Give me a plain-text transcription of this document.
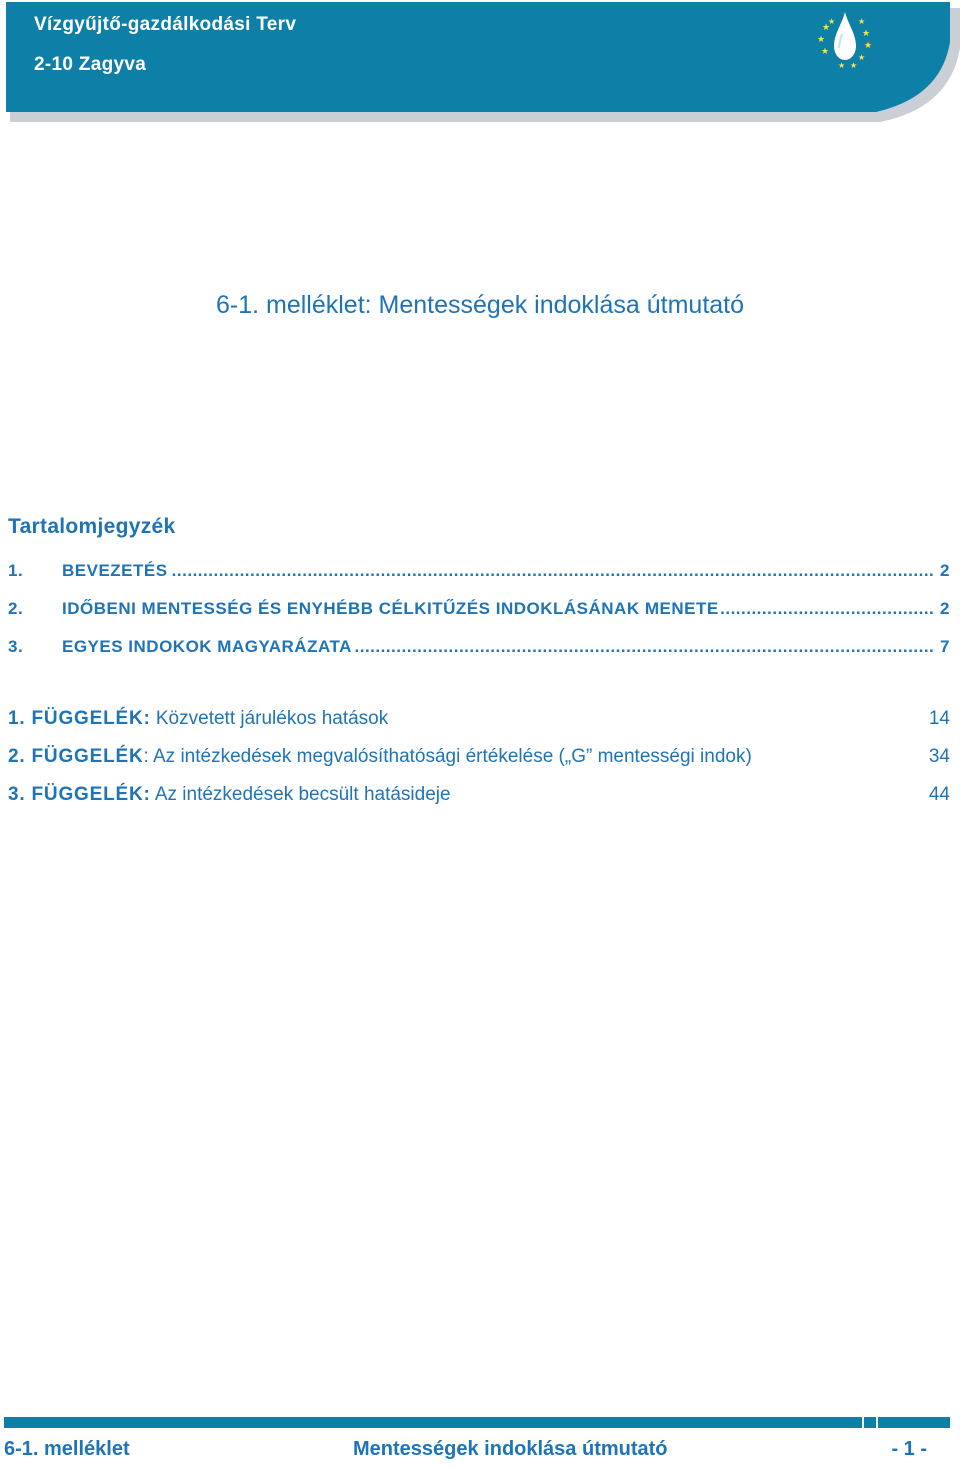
Vízgyűjtő-gazdálkodási Terv
2-10 Zagyva
★
★
★
★	★
★
★
★
★
★
6-1. melléklet: Mentességek indoklása útmutató
Tartalomjegyzék
1. ..... BEVEZETÉS	2
2. ..... IDŐBENI MENTESSÉG ÉS ENYHÉBB CÉLKITŰZÉS INDOKLÁSÁNAK MENETE	2
3. ..... EGYES INDOKOK MAGYARÁZATA	7
1. FÜGGELÉK: Közvetett járulékos hatások	14
2. FÜGGELÉK: Az intézkedések megvalósíthatósági értékelése („G” mentességi indok)	34
3. FÜGGELÉK: Az intézkedések becsült hatásideje	44
6-1. melléklet	Mentességek indoklása útmutató	- 1 -
